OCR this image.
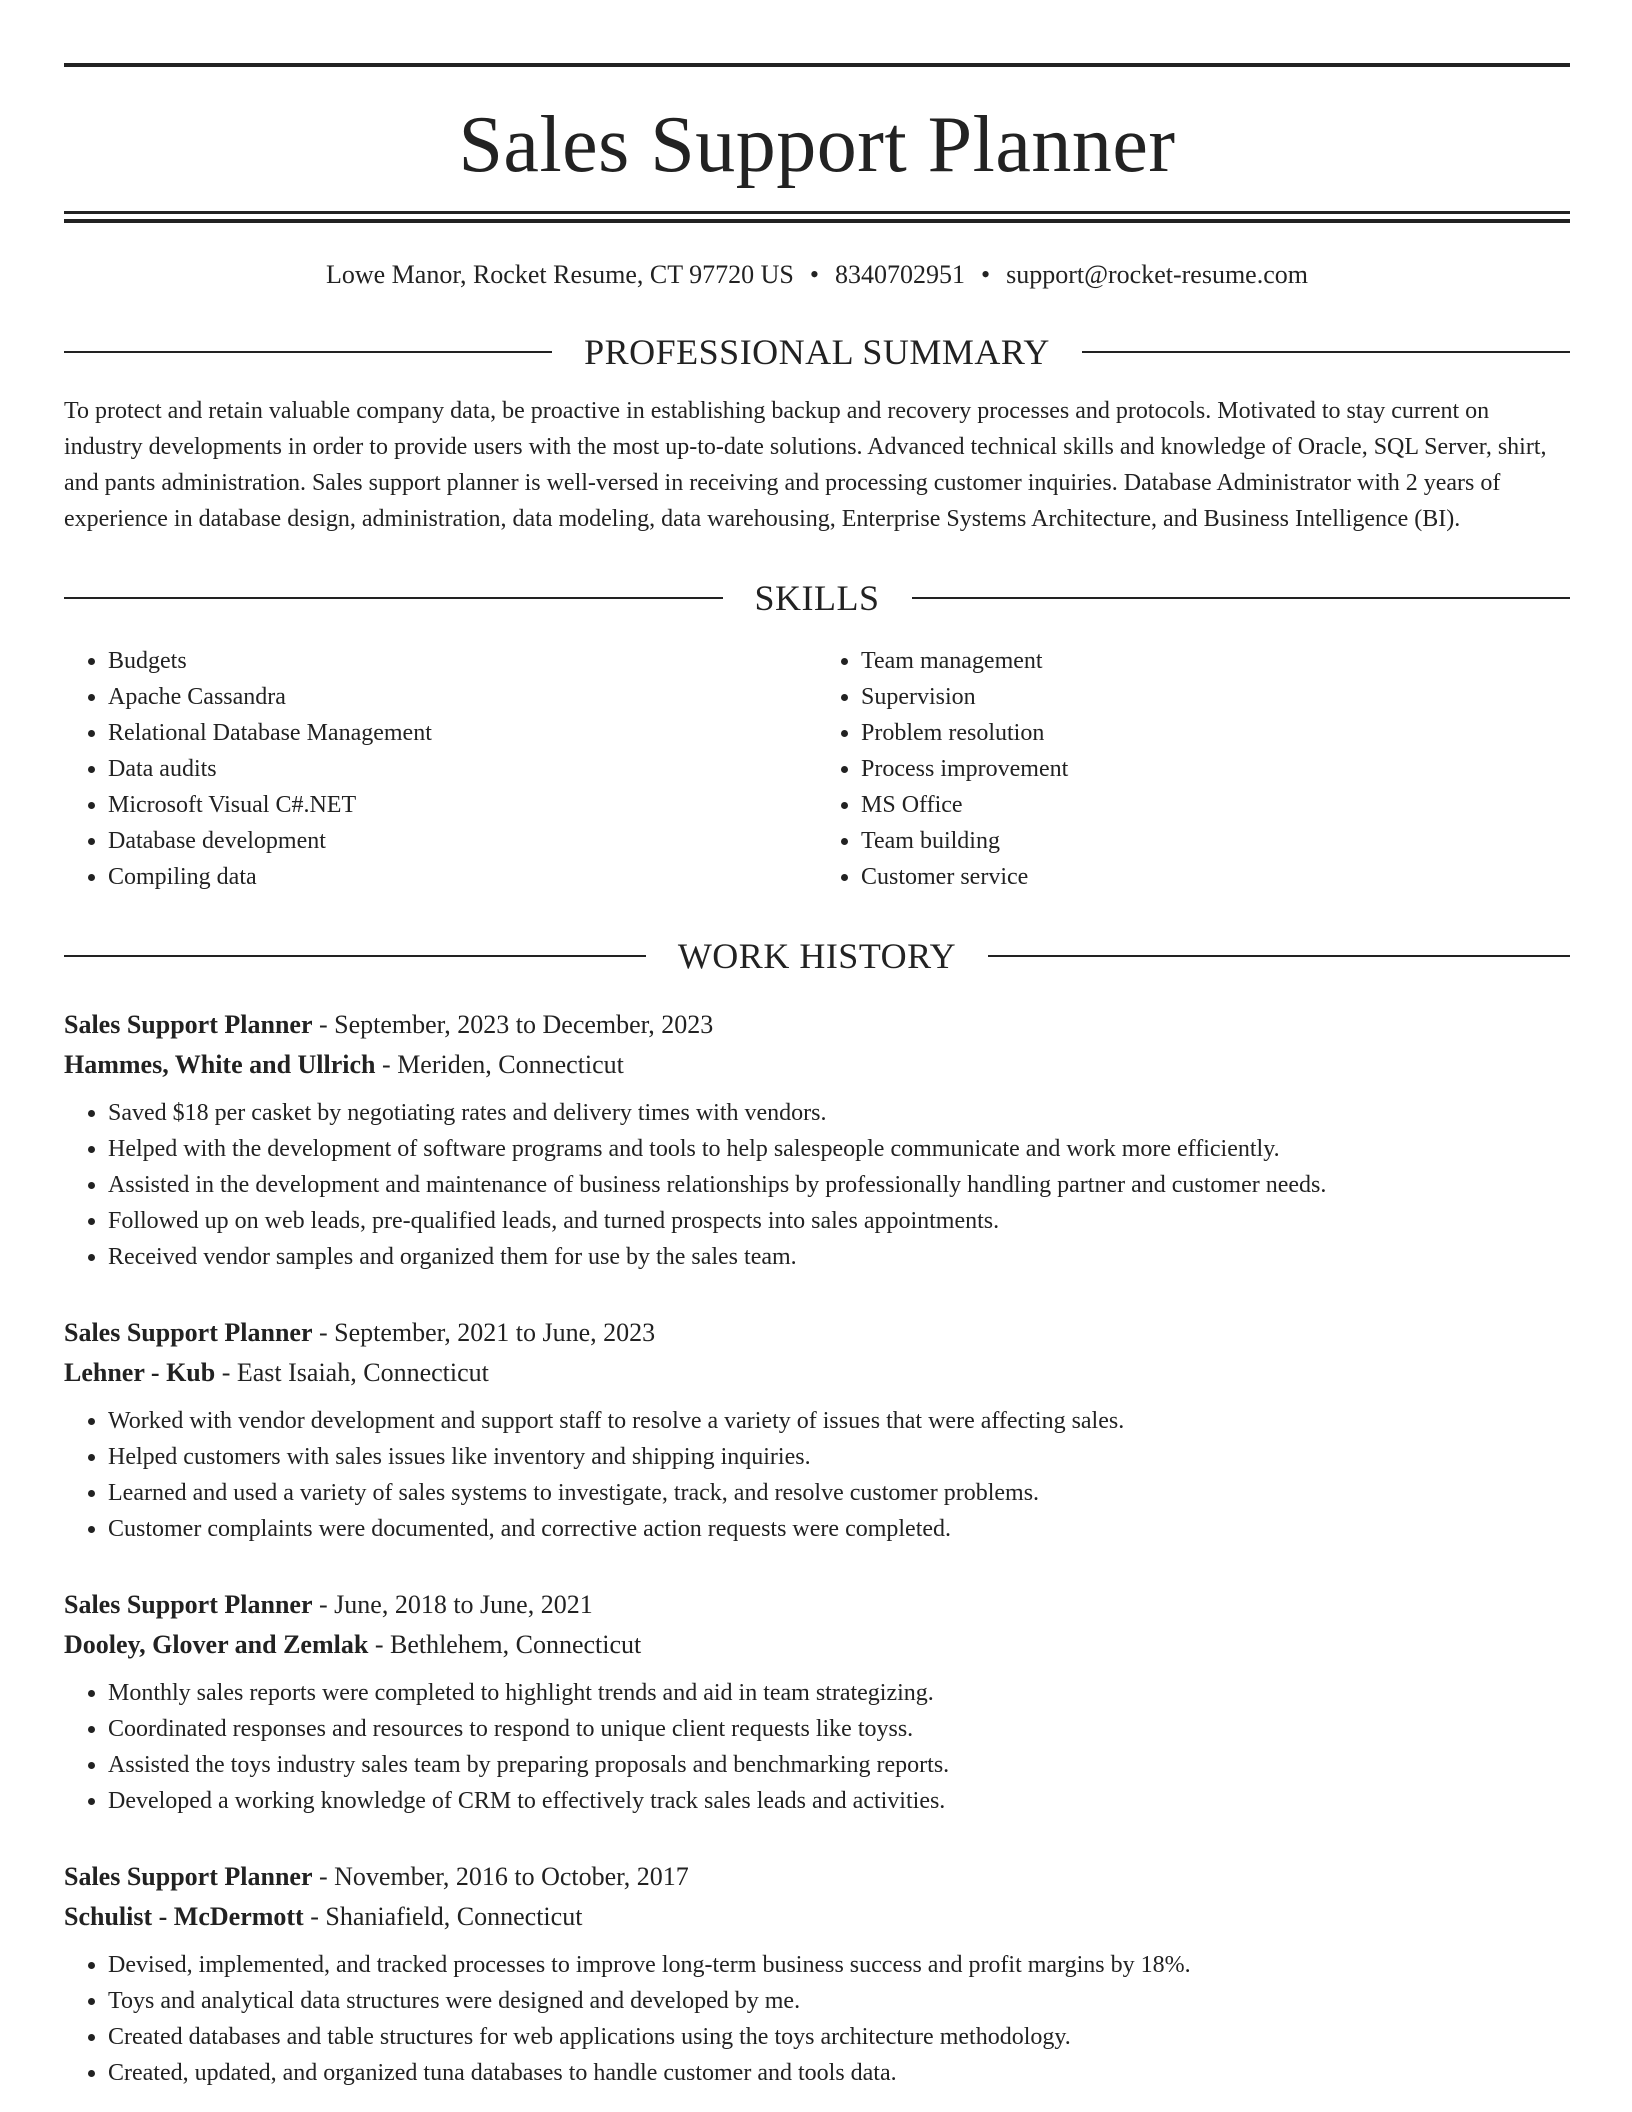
Sales Support Planner
Lowe Manor, Rocket Resume, CT 97720 US • 8340702951 • support@rocket-resume.com
PROFESSIONAL SUMMARY
To protect and retain valuable company data, be proactive in establishing backup and recovery processes and protocols. Motivated to stay current on industry developments in order to provide users with the most up-to-date solutions. Advanced technical skills and knowledge of Oracle, SQL Server, shirt, and pants administration. Sales support planner is well-versed in receiving and processing customer inquiries. Database Administrator with 2 years of experience in database design, administration, data modeling, data warehousing, Enterprise Systems Architecture, and Business Intelligence (BI).
SKILLS
• Budgets
• Apache Cassandra
• Relational Database Management
• Data audits
• Microsoft Visual C#.NET
• Database development
• Compiling data
• Team management
• Supervision
• Problem resolution
• Process improvement
• MS Office
• Team building
• Customer service
WORK HISTORY
Sales Support Planner - September, 2023 to December, 2023
Hammes, White and Ullrich - Meriden, Connecticut
• Saved $18 per casket by negotiating rates and delivery times with vendors.
• Helped with the development of software programs and tools to help salespeople communicate and work more efficiently.
• Assisted in the development and maintenance of business relationships by professionally handling partner and customer needs.
• Followed up on web leads, pre-qualified leads, and turned prospects into sales appointments.
• Received vendor samples and organized them for use by the sales team.
Sales Support Planner - September, 2021 to June, 2023
Lehner - Kub - East Isaiah, Connecticut
• Worked with vendor development and support staff to resolve a variety of issues that were affecting sales.
• Helped customers with sales issues like inventory and shipping inquiries.
• Learned and used a variety of sales systems to investigate, track, and resolve customer problems.
• Customer complaints were documented, and corrective action requests were completed.
Sales Support Planner - June, 2018 to June, 2021
Dooley, Glover and Zemlak - Bethlehem, Connecticut
• Monthly sales reports were completed to highlight trends and aid in team strategizing.
• Coordinated responses and resources to respond to unique client requests like toyss.
• Assisted the toys industry sales team by preparing proposals and benchmarking reports.
• Developed a working knowledge of CRM to effectively track sales leads and activities.
Sales Support Planner - November, 2016 to October, 2017
Schulist - McDermott - Shaniafield, Connecticut
• Devised, implemented, and tracked processes to improve long-term business success and profit margins by 18%.
• Toys and analytical data structures were designed and developed by me.
• Created databases and table structures for web applications using the toys architecture methodology.
• Created, updated, and organized tuna databases to handle customer and tools data.
